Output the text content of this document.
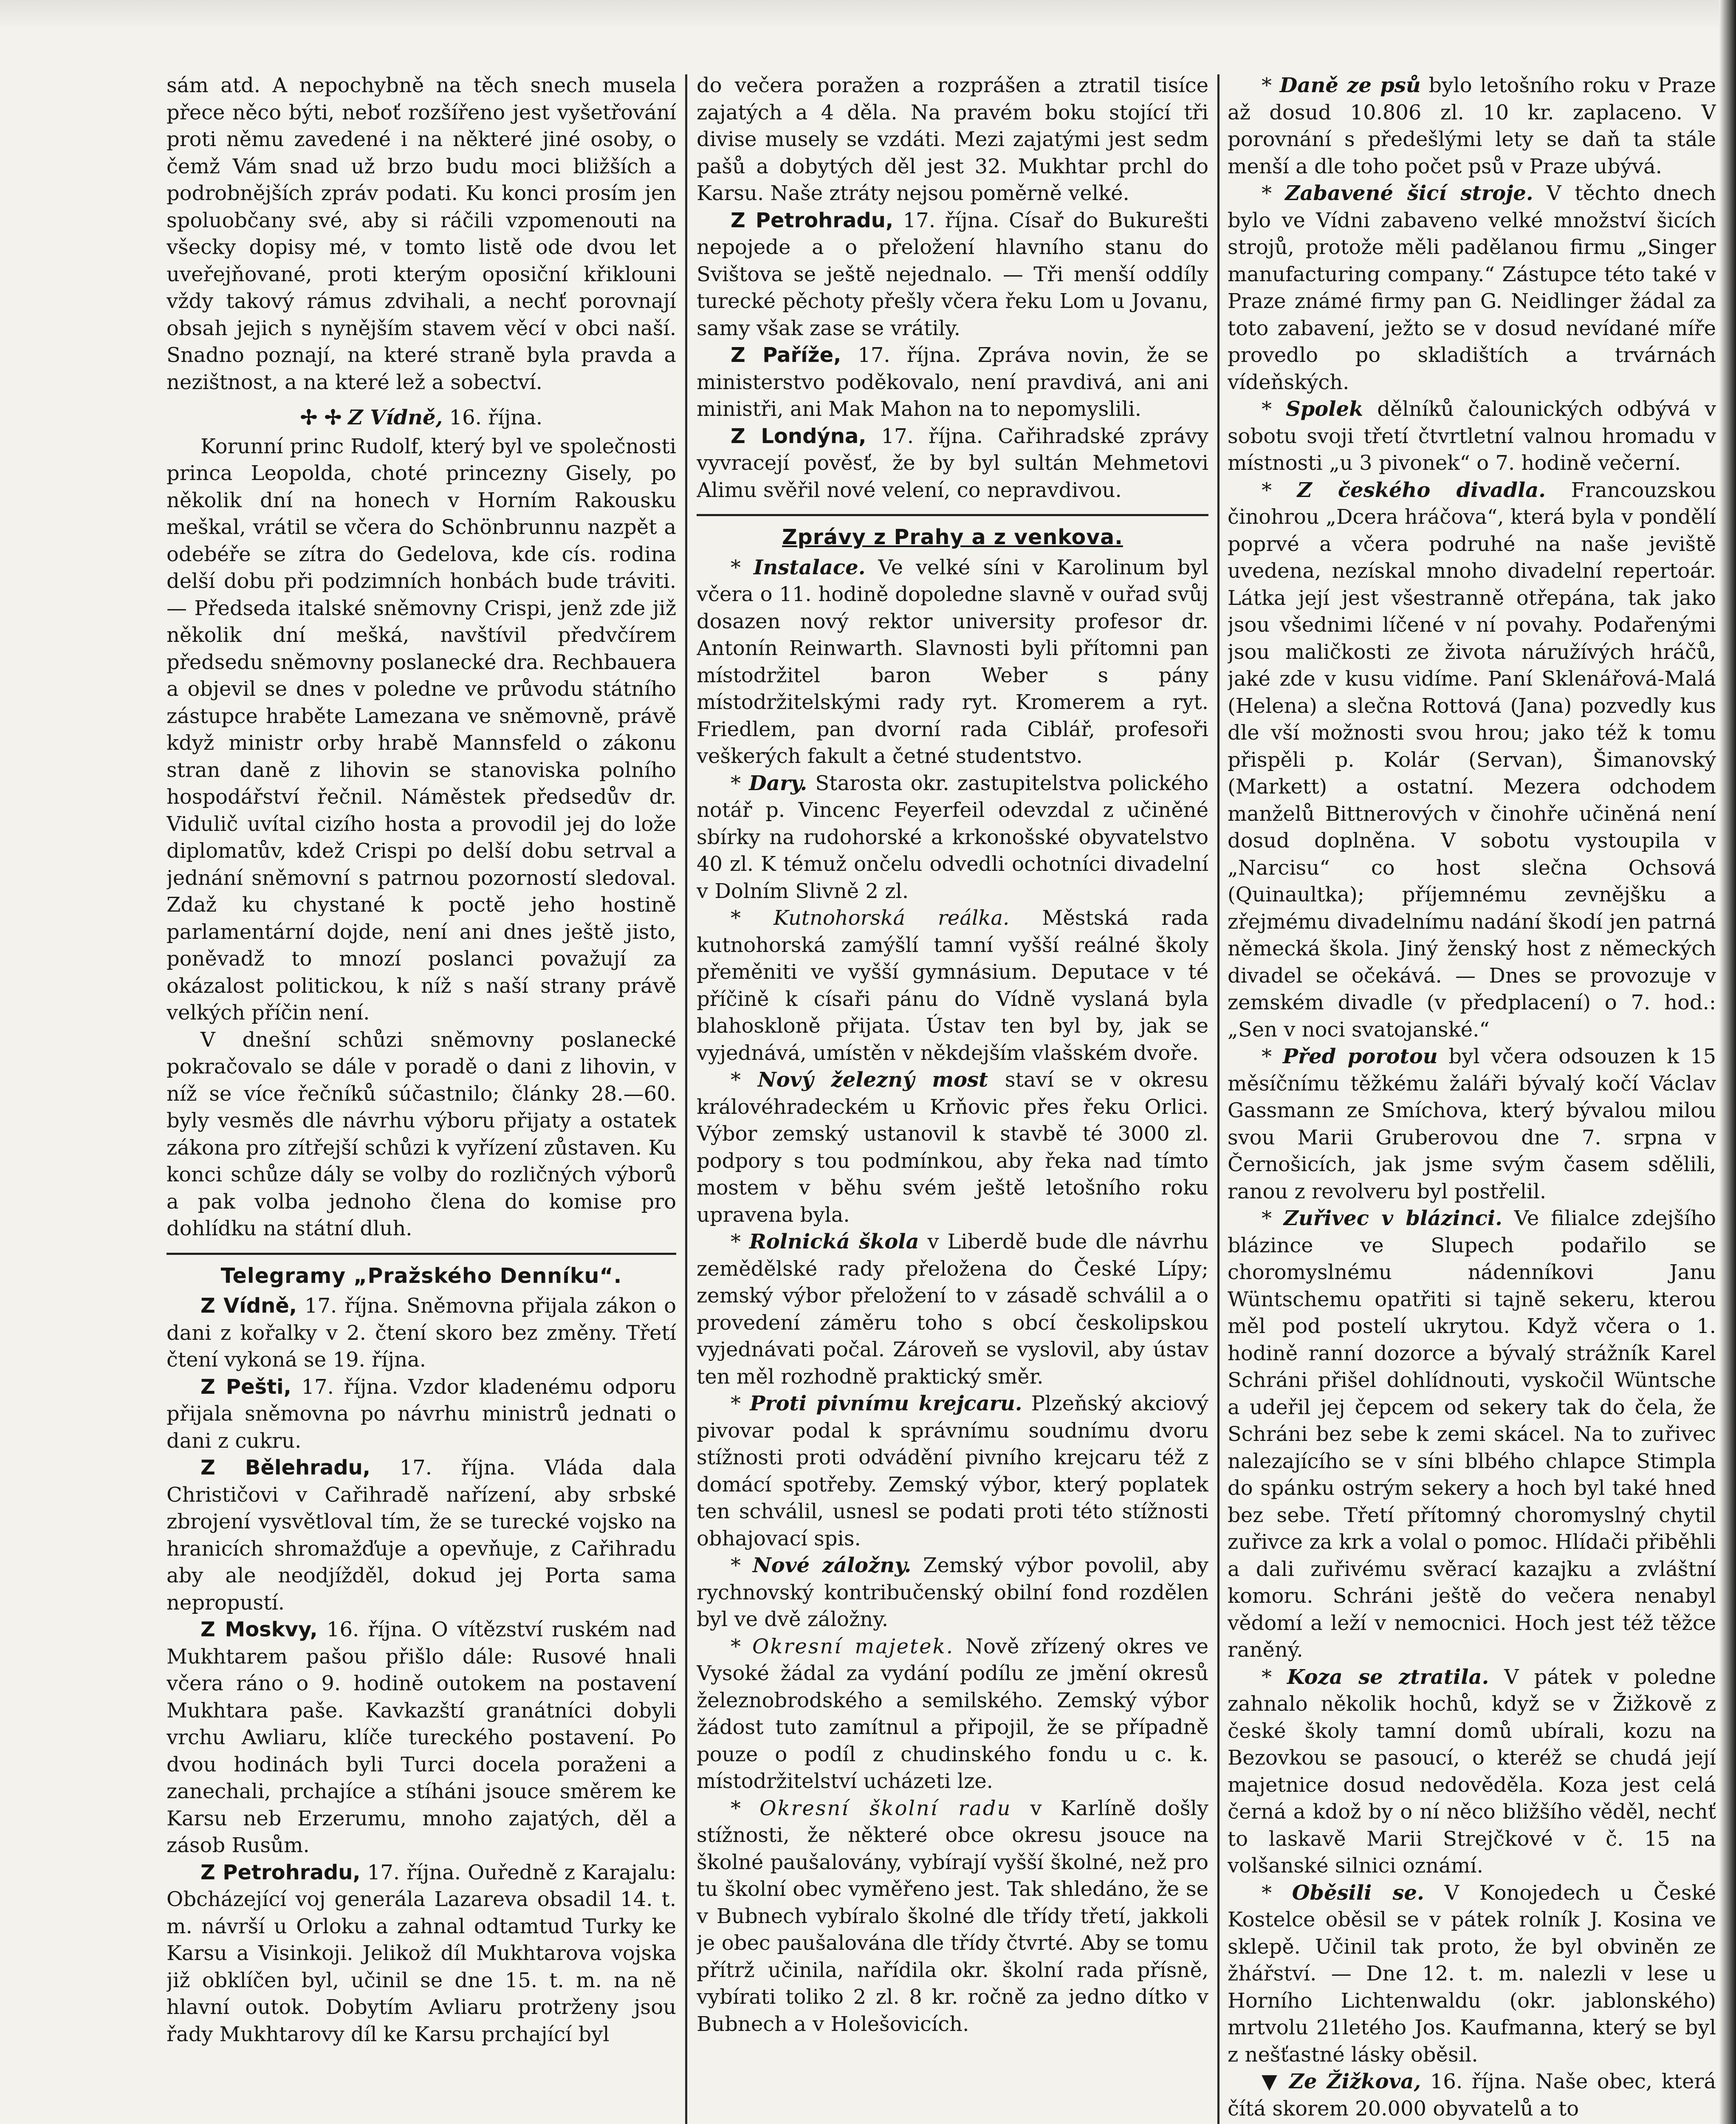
sám atd. A nepochybně na těch snech musela přece něco býti, neboť rozšířeno jest vyšetřování proti němu zavedené i na některé jiné osoby, o čemž Vám snad už brzo budu moci bližších a podrobnějších zpráv podati. Ku konci prosím jen spoluobčany své, aby si ráčili vzpomenouti na všecky dopisy mé, v tomto listě ode dvou let uveřejňované, proti kterým oposiční křiklouni vždy takový rámus zdvihali, a nechť porovnají obsah jejich s nynějším stavem věcí v obci naší. Snadno poznají, na které straně byla pravda a nezištnost, a na které lež a sobectví.

✢ ✢ Z Vídně, 16. října.

Korunní princ Rudolf, který byl ve společnosti princa Leopolda, choté princezny Gisely, po několik dní na honech v Horním Rakousku meškal, vrátil se včera do Schönbrunnu nazpět a odebéře se zítra do Gedelova, kde cís. rodina delší dobu při podzimních honbách bude tráviti. — Předseda italské sněmovny Crispi, jenž zde již několik dní mešká, navštívil předvčírem předsedu sněmovny poslanecké dra. Rechbauera a objevil se dnes v poledne ve průvodu státního zástupce hraběte Lamezana ve sněmovně, právě když ministr orby hrabě Mannsfeld o zákonu stran daně z lihovin se stanoviska polního hospodářství řečnil. Náměstek předsedův dr. Vidulič uvítal cizího hosta a provodil jej do lože diplomatův, kdež Crispi po delší dobu setrval a jednání sněmovní s patrnou pozorností sledoval. Zdaž ku chystané k poctě jeho hostině parlamentární dojde, není ani dnes ještě jisto, poněvadž to mnozí poslanci považují za okázalost politickou, k níž s naší strany právě velkých příčin není.

V dnešní schůzi sněmovny poslanecké pokračovalo se dále v poradě o dani z lihovin, v níž se více řečníků súčastnilo; články 28.—60. byly vesměs dle návrhu výboru přijaty a ostatek zákona pro zítřejší schůzi k vyřízení zůstaven. Ku konci schůze dály se volby do rozličných výborů a pak volba jednoho člena do komise pro dohlídku na státní dluh.

Telegramy „Pražského Denníku“.

Z Vídně, 17. října. Sněmovna přijala zákon o dani z kořalky v 2. čtení skoro bez změny. Třetí čtení vykoná se 19. října.

Z Pešti, 17. října. Vzdor kladenému odporu přijala sněmovna po návrhu ministrů jednati o dani z cukru.

Z Bělehradu, 17. října. Vláda dala Christičovi v Cařihradě nařízení, aby srbské zbrojení vysvětloval tím, že se turecké vojsko na hranicích shromažďuje a opevňuje, z Cařihradu aby ale neodjížděl, dokud jej Porta sama nepropustí.

Z Moskvy, 16. října. O vítězství ruském nad Mukhtarem pašou přišlo dále: Rusové hnali včera ráno o 9. hodině outokem na postavení Mukhtara paše. Kavkazští granátníci dobyli vrchu Awliaru, klíče tureckého postavení. Po dvou hodinách byli Turci docela poraženi a zanechali, prchajíce a stíháni jsouce směrem ke Karsu neb Erzerumu, mnoho zajatých, děl a zásob Rusům.

Z Petrohradu, 17. října. Ouředně z Karajalu: Obcházející voj generála Lazareva obsadil 14. t. m. návrší u Orloku a zahnal odtamtud Turky ke Karsu a Visinkoji. Jelikož díl Mukhtarova vojska již obklíčen byl, učinil se dne 15. t. m. na ně hlavní outok. Dobytím Avliaru protrženy jsou řady Mukhtarovy díl ke Karsu prchající byl

do večera poražen a rozprášen a ztratil tisíce zajatých a 4 děla. Na pravém boku stojící tři divise musely se vzdáti. Mezi zajatými jest sedm pašů a dobytých děl jest 32. Mukhtar prchl do Karsu. Naše ztráty nejsou poměrně velké.

Z Petrohradu, 17. října. Císař do Bukurešti nepojede a o přeložení hlavního stanu do Svištova se ještě nejednalo. — Tři menší oddíly turecké pěchoty přešly včera řeku Lom u Jovanu, samy však zase se vrátily.

Z Paříže, 17. října. Zpráva novin, že se ministerstvo poděkovalo, není pravdivá, ani ani ministři, ani Mak Mahon na to nepomyslili.

Z Londýna, 17. října. Cařihradské zprávy vyvracejí pověsť, že by byl sultán Mehmetovi Alimu svěřil nové velení, co nepravdivou.

Zprávy z Prahy a z venkova.

* Instalace. Ve velké síni v Karolinum byl včera o 11. hodině dopoledne slavně v ouřad svůj dosazen nový rektor university profesor dr. Antonín Reinwarth. Slavnosti byli přítomni pan místodržitel baron Weber s pány místodržitelskými rady ryt. Kromerem a ryt. Friedlem, pan dvorní rada Ciblář, profesoři veškerých fakult a četné studentstvo.

* Dary. Starosta okr. zastupitelstva polického notář p. Vincenc Feyerfeil odevzdal z učiněné sbírky na rudohorské a krkonošské obyvatelstvo 40 zl. K témuž ončelu odvedli ochotníci divadelní v Dolním Slivně 2 zl.

* Kutnohorská reálka. Městská rada kutnohorská zamýšlí tamní vyšší reálné školy přeměniti ve vyšší gymnásium. Deputace v té příčině k císaři pánu do Vídně vyslaná byla blahoskloně přijata. Ústav ten byl by, jak se vyjednává, umístěn v někdejším vlašském dvoře.

* Nový železný most staví se v okresu královéhradeckém u Krňovic přes řeku Orlici. Výbor zemský ustanovil k stavbě té 3000 zl. podpory s tou podmínkou, aby řeka nad tímto mostem v běhu svém ještě letošního roku upravena byla.

* Rolnická škola v Liberdě bude dle návrhu zemědělské rady přeložena do České Lípy; zemský výbor přeložení to v zásadě schválil a o provedení záměru toho s obcí českolipskou vyjednávati počal. Zároveň se vyslovil, aby ústav ten měl rozhodně praktický směr.

* Proti pivnímu krejcaru. Plzeňský akciový pivovar podal k správnímu soudnímu dvoru stížnosti proti odvádění pivního krejcaru též z domácí spotřeby. Zemský výbor, který poplatek ten schválil, usnesl se podati proti této stížnosti obhajovací spis.

* Nové záložny. Zemský výbor povolil, aby rychnovský kontribučenský obilní fond rozdělen byl ve dvě záložny.

* Okresní majetek. Nově zřízený okres ve Vysoké žádal za vydání podílu ze jmění okresů železnobrodského a semilského. Zemský výbor žádost tuto zamítnul a připojil, že se případně pouze o podíl z chudinského fondu u c. k. místodržitelství ucházeti lze.

* Okresní školní radu v Karlíně došly stížnosti, že některé obce okresu jsouce na školné paušalovány, vybírají vyšší školné, než pro tu školní obec vyměřeno jest. Tak shledáno, že se v Bubnech vybíralo školné dle třídy třetí, jakkoli je obec paušalována dle třídy čtvrté. Aby se tomu přítrž učinila, nařídila okr. školní rada přísně, vybírati toliko 2 zl. 8 kr. ročně za jedno dítko v Bubnech a v Holešovicích.

* Daně ze psů bylo letošního roku v Praze až dosud 10.806 zl. 10 kr. zaplaceno. V porovnání s předešlými lety se daň ta stále menší a dle toho počet psů v Praze ubývá.

* Zabavené šicí stroje. V těchto dnech bylo ve Vídni zabaveno velké množství šicích strojů, protože měli padělanou firmu „Singer manufacturing company.“ Zástupce této také v Praze známé firmy pan G. Neidlinger žádal za toto zabavení, ježto se v dosud nevídané míře provedlo po skladištích a trvárnách vídeňských.

* Spolek dělníků čalounických odbývá v sobotu svoji třetí čtvrtletní valnou hromadu v místnosti „u 3 pivonek“ o 7. hodině večerní.

* Z českého divadla. Francouzskou činohrou „Dcera hráčova“, která byla v pondělí poprvé a včera podruhé na naše jeviště uvedena, nezískal mnoho divadelní repertoár. Látka její jest všestranně otřepána, tak jako jsou všednimi líčené v ní povahy. Podařenými jsou maličkosti ze života náružívých hráčů, jaké zde v kusu vidíme. Paní Sklenářová-Malá (Helena) a slečna Rottová (Jana) pozvedly kus dle vší možnosti svou hrou; jako též k tomu přispěli p. Kolár (Servan), Šimanovský (Markett) a ostatní. Mezera odchodem manželů Bittnerových v činohře učiněná není dosud doplněna. V sobotu vystoupila v „Narcisu“ co host slečna Ochsová (Quinaultka); příjemnému zevnějšku a zřejmému divadelnímu nadání škodí jen patrná německá škola. Jiný ženský host z německých divadel se očekává. — Dnes se provozuje v zemském divadle (v předplacení) o 7. hod.: „Sen v noci svatojanské.“

* Před porotou byl včera odsouzen k 15 měsíčnímu těžkému žaláři bývalý kočí Václav Gassmann ze Smíchova, který bývalou milou svou Marii Gruberovou dne 7. srpna v Černošicích, jak jsme svým časem sdělili, ranou z revolveru byl postřelil.

* Zuřivec v blázinci. Ve filialce zdejšího blázince ve Slupech podařilo se choromyslnému nádenníkovi Janu Wüntschemu opatřiti si tajně sekeru, kterou měl pod postelí ukrytou. Když včera o 1. hodině ranní dozorce a bývalý strážník Karel Schráni přišel dohlídnouti, vyskočil Wüntsche a udeřil jej čepcem od sekery tak do čela, že Schráni bez sebe k zemi skácel. Na to zuřivec nalezajícího se v síni blbého chlapce Stimpla do spánku ostrým sekery a hoch byl také hned bez sebe. Třetí přítomný choromyslný chytil zuřivce za krk a volal o pomoc. Hlídači přiběhli a dali zuřivému svěrací kazajku a zvláštní komoru. Schráni ještě do večera nenabyl vědomí a leží v nemocnici. Hoch jest též těžce raněný.

* Koza se ztratila. V pátek v poledne zahnalo několik hochů, když se v Žižkově z české školy tamní domů ubírali, kozu na Bezovkou se pasoucí, o kteréž se chudá její majetnice dosud nedověděla. Koza jest celá černá a kdož by o ní něco bližšího věděl, nechť to laskavě Marii Strejčkové v č. 15 na volšanské silnici oznámí.

* Oběsili se. V Konojedech u České Kostelce oběsil se v pátek rolník J. Kosina ve sklepě. Učinil tak proto, že byl obviněn ze žhářství. — Dne 12. t. m. nalezli v lese u Horního Lichtenwaldu (okr. jablonského) mrtvolu 21letého Jos. Kaufmanna, který se byl z nešťastné lásky oběsil.

▼ Ze Žižkova, 16. října. Naše obec, která čítá skorem 20.000 obyvatelů a to
